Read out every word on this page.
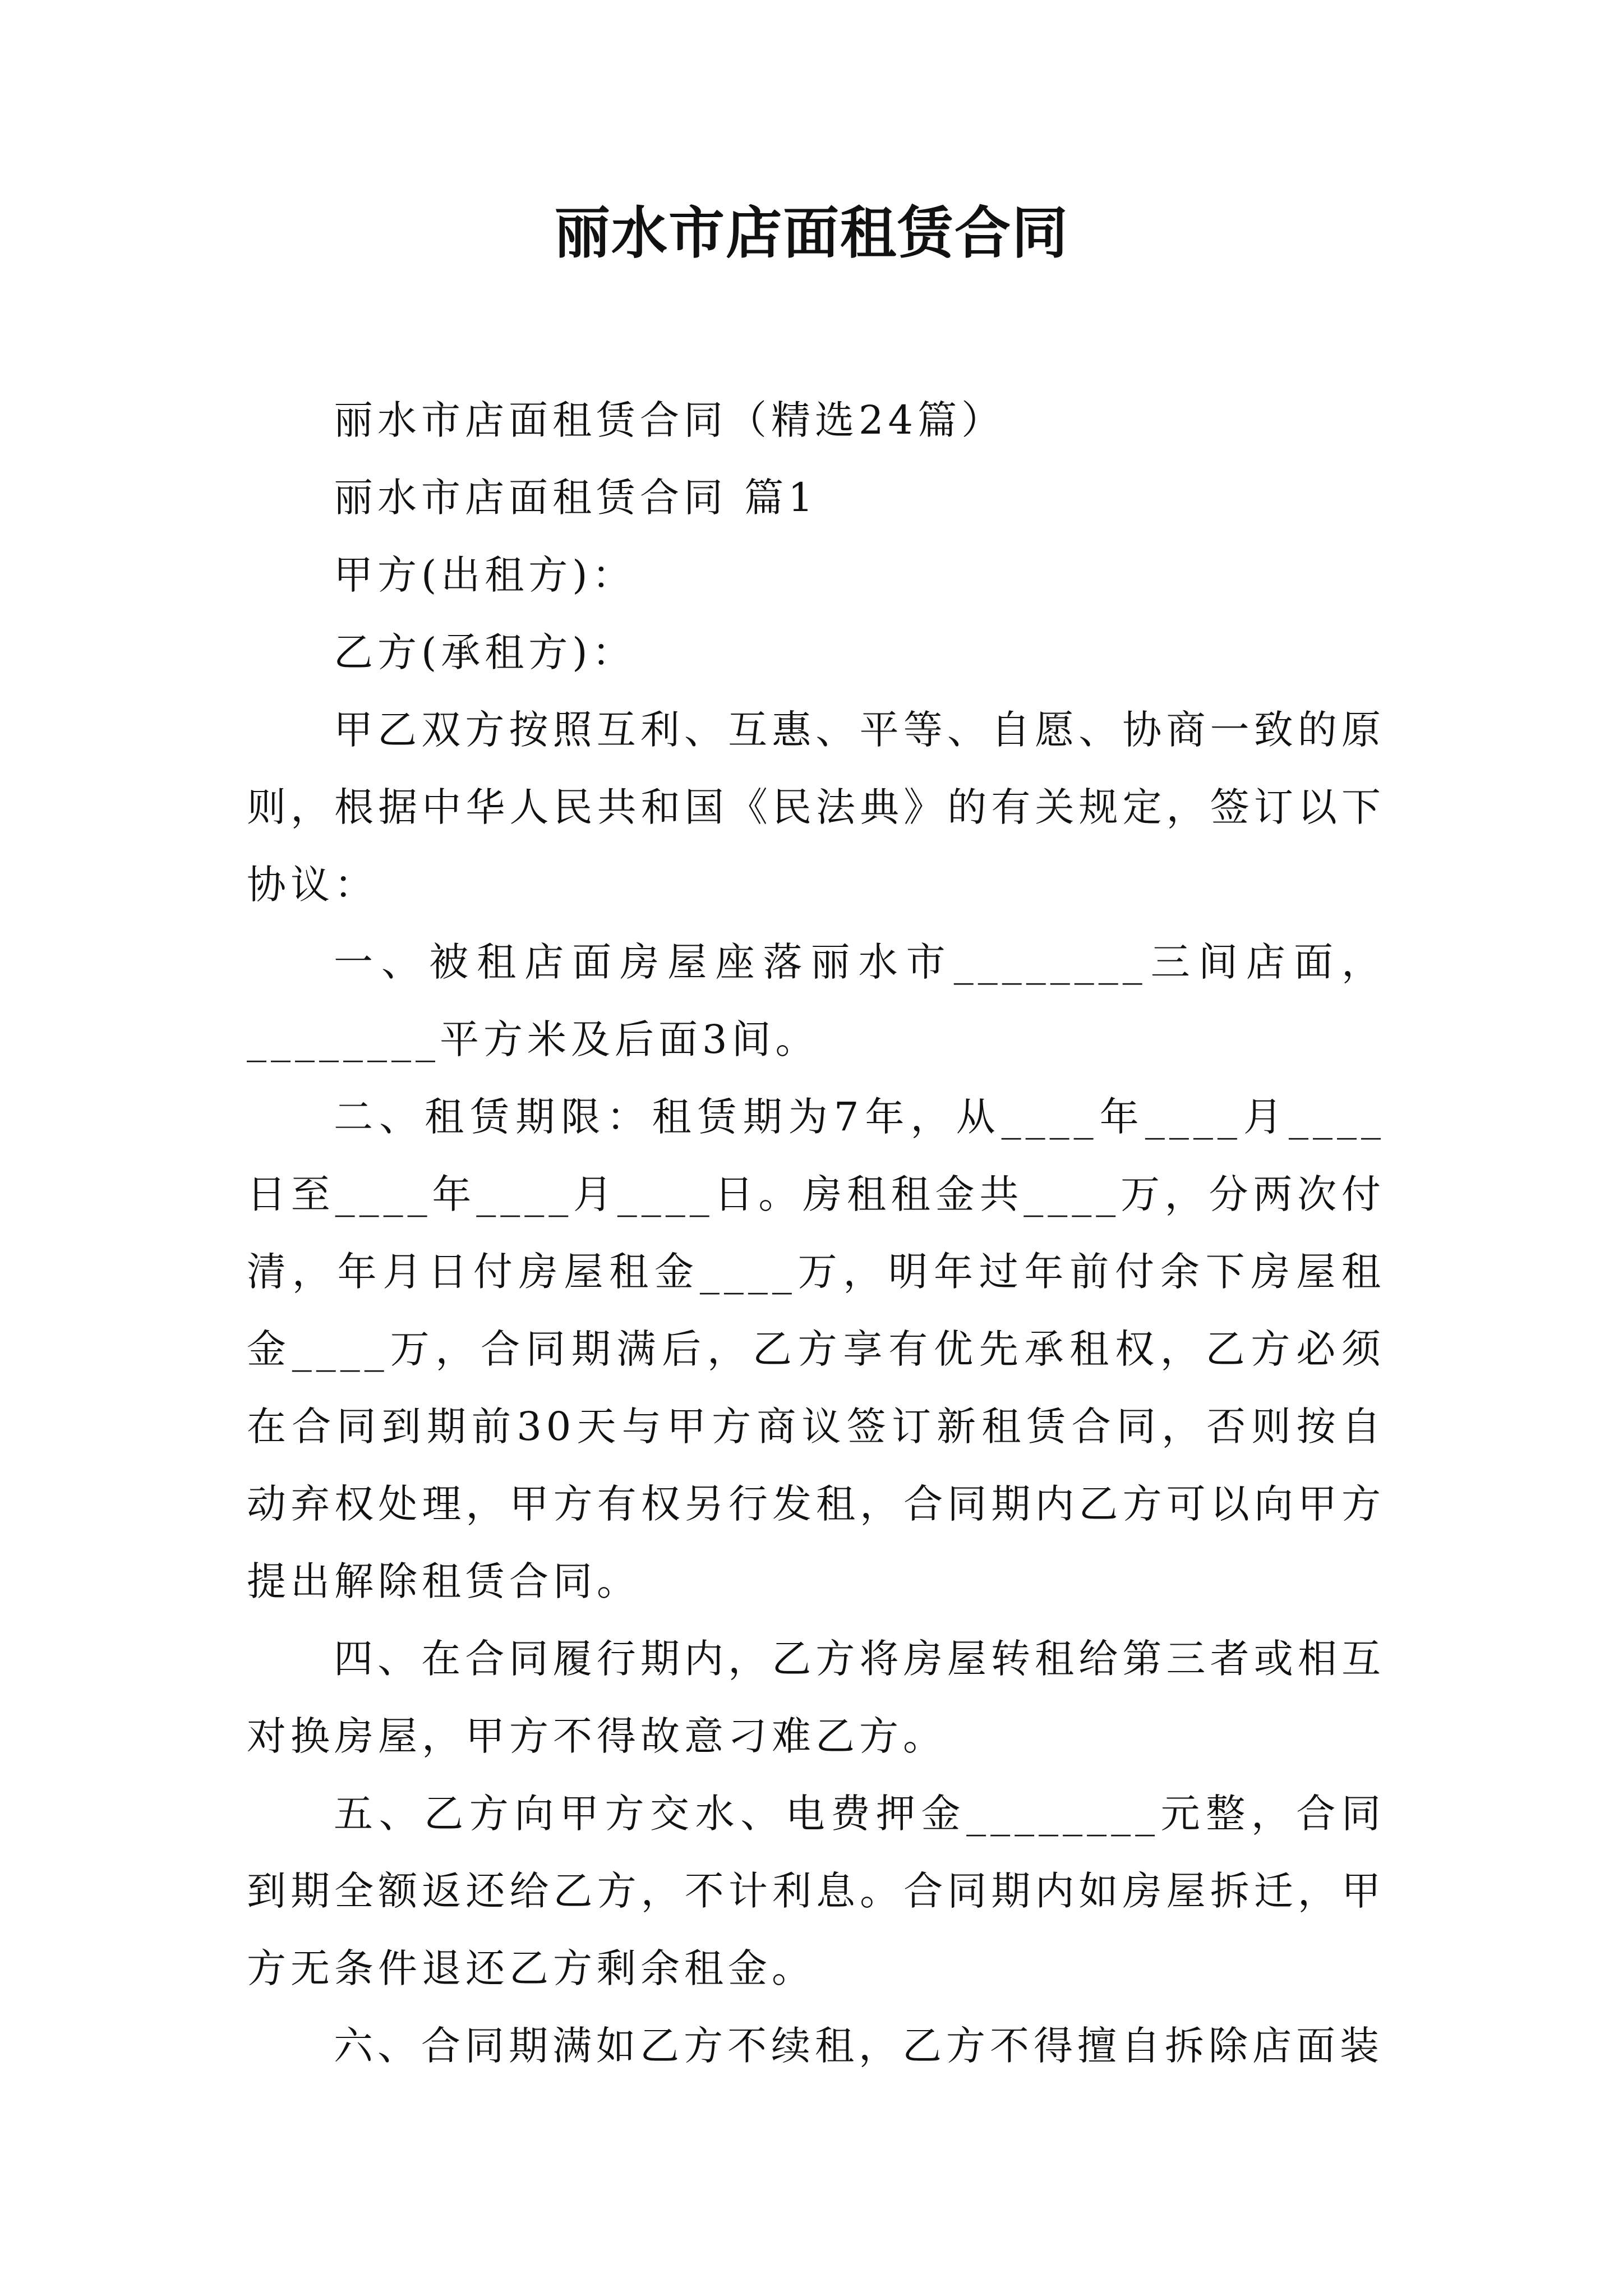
丽水市店面租赁合同

丽水市店面租赁合同（精选24篇）

丽水市店面租赁合同 篇1

甲方(出租方)：

乙方(承租方)：

甲乙双方按照互利、互惠、平等、自愿、协商一致的原则，根据中华人民共和国《民法典》的有关规定，签订以下协议：

一、被租店面房屋座落丽水市________三间店面，________平方米及后面3间。

二、租赁期限：租赁期为7年，从____年____月____日至____年____月____日。房租租金共____万，分两次付清，年月日付房屋租金____万，明年过年前付余下房屋租金____万，合同期满后，乙方享有优先承租权，乙方必须在合同到期前30天与甲方商议签订新租赁合同，否则按自动弃权处理，甲方有权另行发租，合同期内乙方可以向甲方提出解除租赁合同。

四、在合同履行期内，乙方将房屋转租给第三者或相互对换房屋，甲方不得故意刁难乙方。

五、乙方向甲方交水、电费押金________元整，合同到期全额返还给乙方，不计利息。合同期内如房屋拆迁，甲方无条件退还乙方剩余租金。

六、合同期满如乙方不续租，乙方不得擅自拆除店面装
